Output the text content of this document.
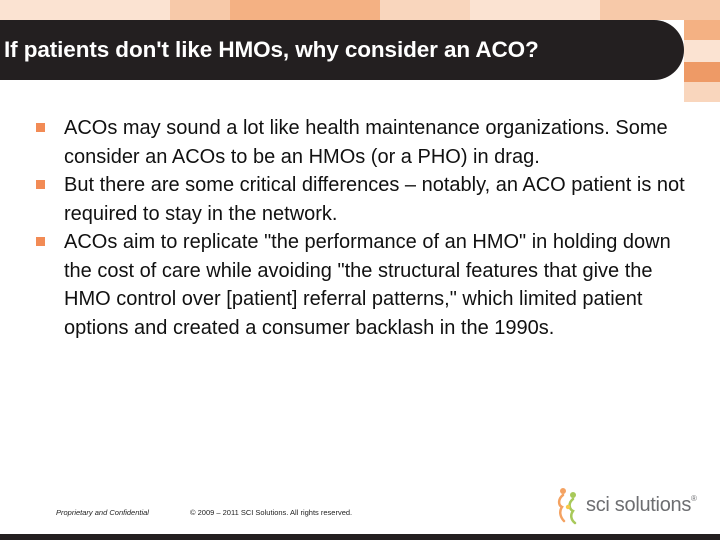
If patients don't like HMOs, why consider an ACO?
ACOs may sound a lot like health maintenance organizations. Some consider an ACOs to be an HMOs (or a PHO) in drag.
But there are some critical differences – notably, an ACO patient is not required to stay in the network.
ACOs aim to replicate "the performance of an HMO" in holding down the cost of care while avoiding "the structural features that give the HMO control over [patient] referral patterns," which limited patient options and created a consumer backlash in the 1990s.
Proprietary and Confidential	© 2009 – 2011 SCI Solutions. All rights reserved.	sci solutions®
